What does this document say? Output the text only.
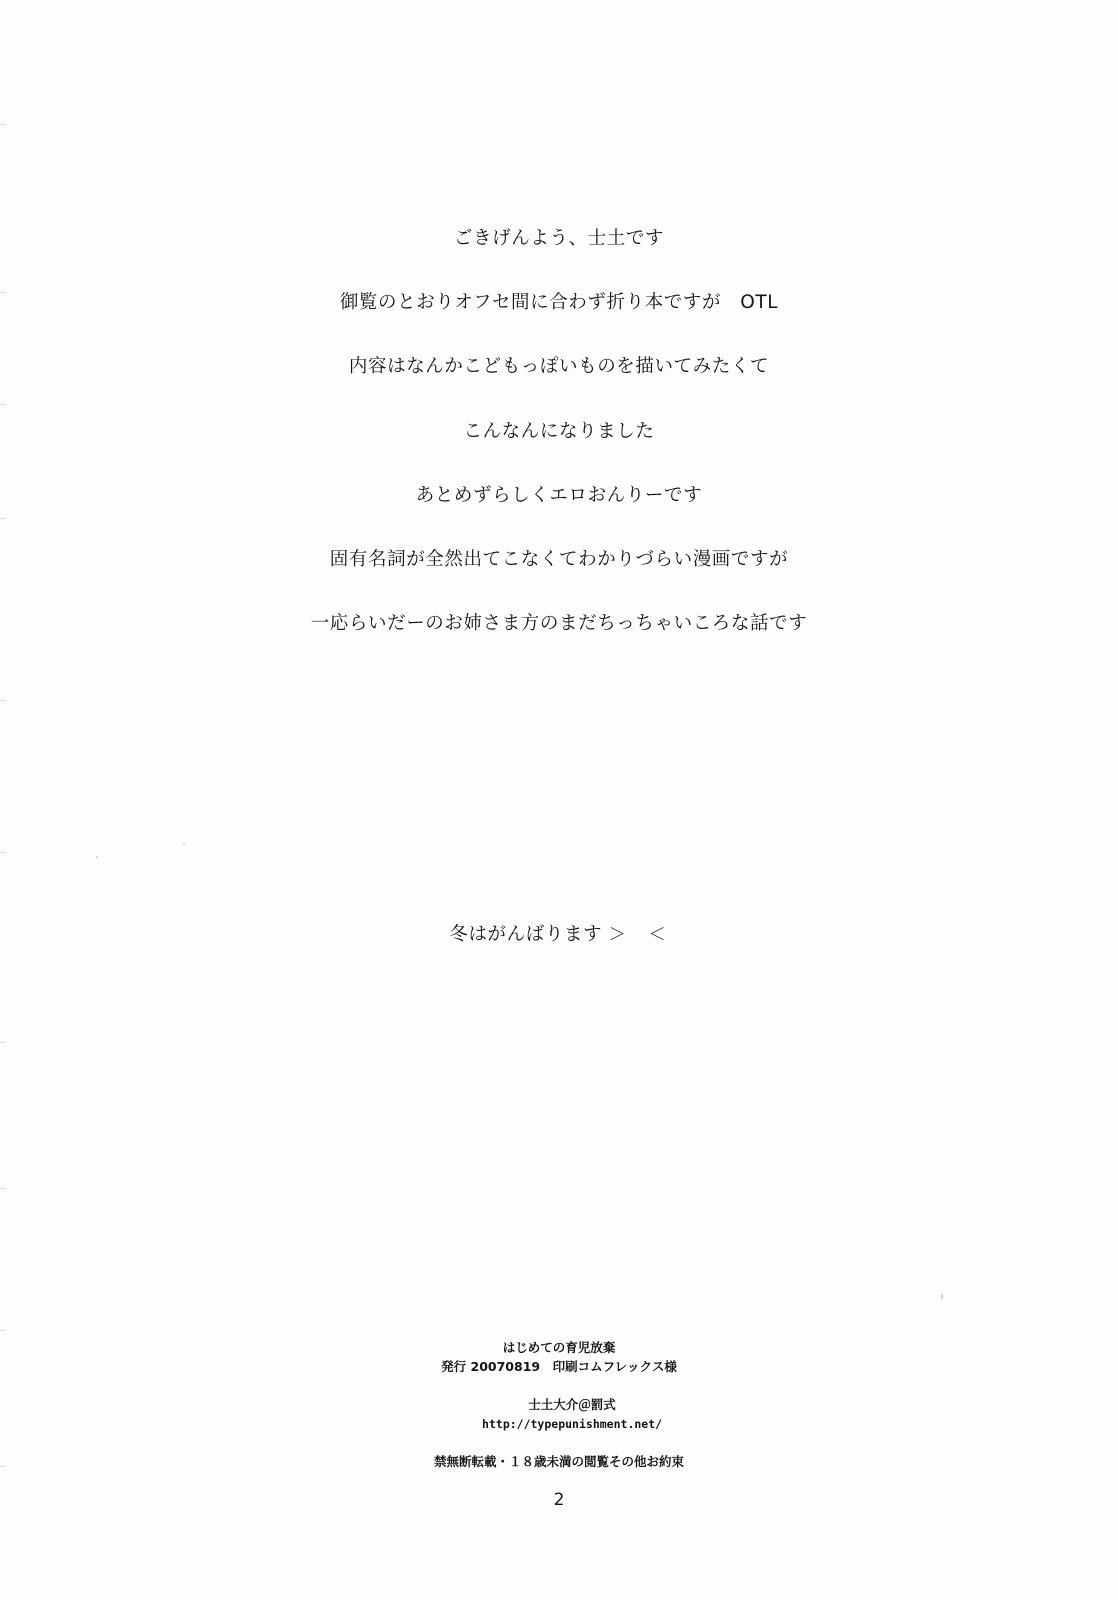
ごきげんよう、士土です

御覧のとおりオフセ間に合わず折り本ですが　OTL

内容はなんかこどもっぽいものを描いてみたくて

こんなんになりました

あとめずらしくエロおんりーです

固有名詞が全然出てこなくてわかりづらい漫画ですが

一応らいだーのお姉さま方のまだちっちゃいころな話です

冬はがんばります ＞　＜
はじめての育児放棄
発行 20070819　印刷コムフレックス様

士土大介＠罰式
http://typepunishment.net/

禁無断転載・１８歳未満の閲覧その他お約束
2
